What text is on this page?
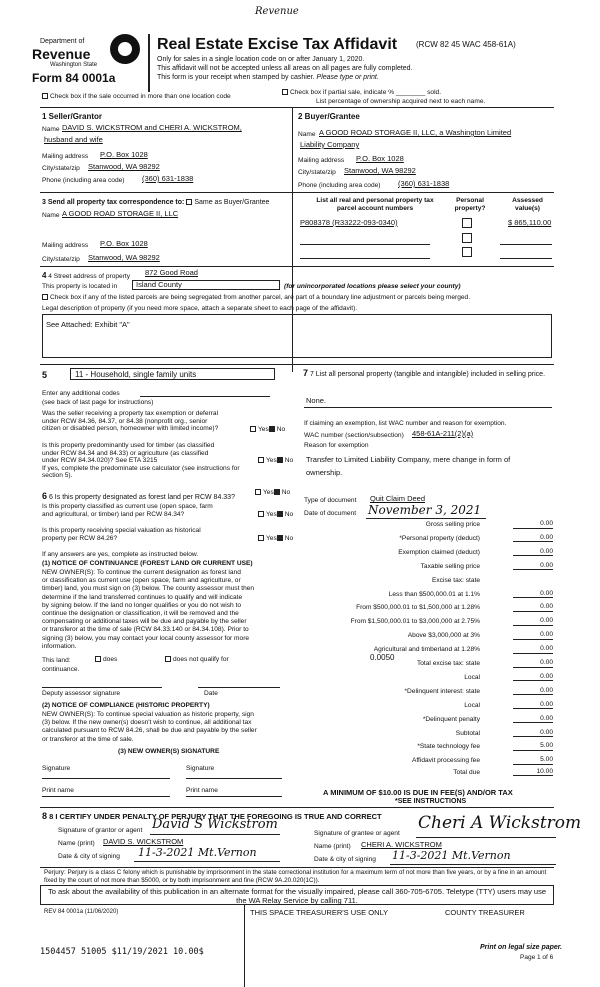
Revenue
Department of
Revenue
Washington State
Form 84 0001a
Real Estate Excise Tax Affidavit (RCW 82 45 WAC 458-61A)
Only for sales in a single location code on or after January 1, 2020.
This affidavit will not be accepted unless all areas on all pages are fully completed.
This form is your receipt when stamped by cashier. Please type or print.
Check box if the sale occurred in more than one location code
Check box if partial sale, indicate % ________ sold.
List percentage of ownership acquired next to each name.
1 Seller/Grantor
Name DAVID S. WICKSTROM and CHERI A. WICKSTROM,
husband and wife
Mailing address P.O. Box 1028
City/state/zip Stanwood, WA 98292
Phone (including area code) (360) 631-1838
2 Buyer/Grantee
Name A GOOD ROAD STORAGE II, LLC, a Washington Limited
Liability Company
Mailing address P.O. Box 1028
City/state/zip Stanwood, WA 98292
Phone (including area code) (360) 631-1838
3 Send all property tax correspondence to: Same as Buyer/Grantee
Name A GOOD ROAD STORAGE II, LLC
Mailing address P.O. Box 1028
City/state/zip Stanwood, WA 98292
List all real and personal property tax
parcel account numbers
Personal
property?
Assessed
value(s)
P808378 (R33222-093-0340)	$ 865,110.00
4 4 Street address of property 872 Good Road
This property is located in	Island County	(for unincorporated locations please select your county)
Check box if any of the listed parcels are being segregated from another parcel, are part of a boundary line adjustment or parcels being merged.
Legal description of property (if you need more space, attach a separate sheet to each page of the affidavit).
See Attached: Exhibit "A"
5	11 - Household, single family units
Enter any additional codes
(see back of last page for instructions)
Was the seller receiving a property tax exemption or deferral
under RCW 84.36, 84.37, or 84.38 (nonprofit org., senior
citizen or disabled person, homeowner with limited income)?	Yes No
Is this property predominantly used for timber (as classified
under RCW 84.34 and 84.33) or agriculture (as classified
under RCW 84.34.020)? See ETA 3215
If yes, complete the predominate use calculator (see instructions for
section 5).
Yes No
6 6 Is this property designated as forest land per RCW 84.33?
Yes No
Is this property classified as current use (open space, farm
and agricultural, or timber) land per RCW 84.34?	Yes No
Is this property receiving special valuation as historical
property per RCW 84.26?	Yes No
If any answers are yes, complete as instructed below.
(1) NOTICE OF CONTINUANCE (FOREST LAND OR CURRENT USE)
NEW OWNER(S): To continue the current designation as forest land
or classification as current use (open space, farm and agriculture, or
timber) land, you must sign on (3) below. The county assessor must then
determine if the land transferred continues to qualify and will indicate
by signing below. If the land no longer qualifies or you do not wish to
continue the designation or classification, it will be removed and the
compensating or additional taxes will be due and payable by the seller
or transferor at the time of sale (RCW 84.33.140 or 84.34.108). Prior to
signing (3) below, you may contact your local county assessor for more
information.
This land:	does	does not qualify for
continuance.
Deputy assessor signature	Date
(2) NOTICE OF COMPLIANCE (HISTORIC PROPERTY)
NEW OWNER(S): To continue special valuation as historic property, sign
(3) below. If the new owner(s) doesn't wish to continue, all additional tax
calculated pursuant to RCW 84.26, shall be due and payable by the seller
or transferor at the time of sale.
(3) NEW OWNER(S) SIGNATURE
Signature	Signature
Print name	Print name
7 7 List all personal property (tangible and intangible) included in selling price.
None.
If claiming an exemption, list WAC number and reason for exemption.
WAC number (section/subsection) 458-61A-211(2)(a)
Reason for exemption
Transfer to Limited Liability Company, mere change in form of
ownership.
Type of document Quit Claim Deed
Date of document November 3, 2021
Gross selling price	0.00
*Personal property (deduct)	0.00
Exemption claimed (deduct)	0.00
Taxable selling price	0.00
Excise tax: state
Less than $500,000.01 at 1.1%	0.00
From $500,000.01 to $1,500,000 at 1.28%	0.00
From $1,500,000.01 to $3,000,000 at 2.75%	0.00
Above $3,000,000 at 3%	0.00
Agricultural and timberland at 1.28%	0.00
Total excise tax: state	0.00
Local	0.00
*Delinquent interest: state	0.00
Local	0.00
*Delinquent penalty	0.00
Subtotal	0.00
*State technology fee	5.00
Affidavit processing fee	5.00
Total due	10.00
0.0050
A MINIMUM OF $10.00 IS DUE IN FEE(S) AND/OR TAX
*SEE INSTRUCTIONS
8 8 I CERTIFY UNDER PENALTY OF PERJURY THAT THE FOREGOING IS TRUE AND CORRECT
Signature of grantor or agent David S Wickstrom
Name (print) DAVID S. WICKSTROM
Date & city of signing 11-3-2021 Mt.Vernon
Signature of grantee or agent
Cheri A Wickstrom
Name (print) CHERI A. WICKSTROM
Date & city of signing 11-3-2021 Mt.Vernon
Perjury: Perjury is a class C felony which is punishable by imprisonment in the state correctional institution for a maximum term of not more than five years, or by a fine in an amount fixed by the court of not more than $5000, or by both imprisonment and fine (RCW 9A.20.020(1C)).
To ask about the availability of this publication in an alternate format for the visually impaired, please call 360-705-6705. Teletype (TTY) users may use the WA Relay Service by calling 711.
REV 84 0001a (11/06/2020)	THIS SPACE TREASURER'S USE ONLY	COUNTY TREASURER
1504457 51005 $11/19/2021 10.00$	Print on legal size paper.
Page 1 of 6
